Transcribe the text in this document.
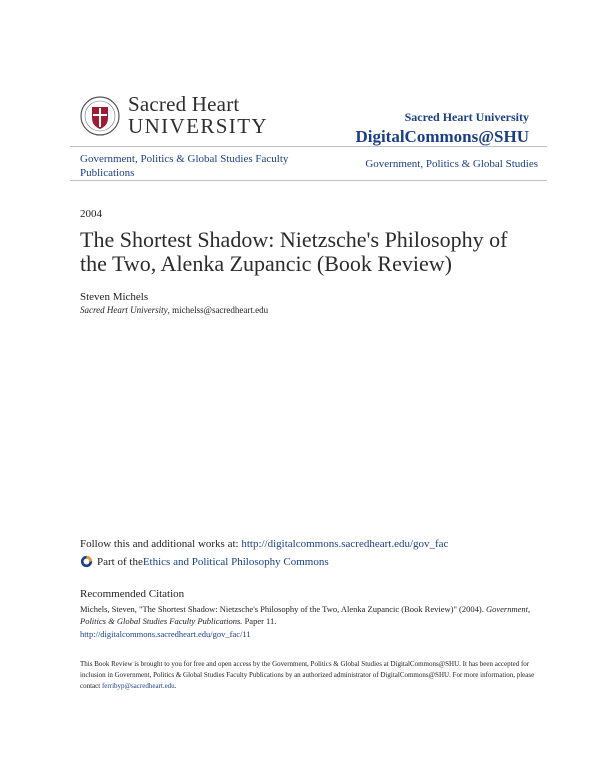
Sacred Heart
UNIVERSITY	Sacred Heart University
DigitalCommons@SHU
Government, Politics & Global Studies Faculty Publications
Government, Politics & Global Studies
2004
The Shortest Shadow: Nietzsche's Philosophy of the Two, Alenka Zupancic (Book Review)
Steven Michels
Sacred Heart University, michelss@sacredheart.edu
Follow this and additional works at: http://digitalcommons.sacredheart.edu/gov_fac
Part of the Ethics and Political Philosophy Commons
Recommended Citation
Michels, Steven, "The Shortest Shadow: Nietzsche's Philosophy of the Two, Alenka Zupancic (Book Review)" (2004). Government, Politics & Global Studies Faculty Publications. Paper 11.
http://digitalcommons.sacredheart.edu/gov_fac/11
This Book Review is brought to you for free and open access by the Government, Politics & Global Studies at DigitalCommons@SHU. It has been accepted for inclusion in Government, Politics & Global Studies Faculty Publications by an authorized administrator of DigitalCommons@SHU. For more information, please contact ferribyp@sacredheart.edu.
